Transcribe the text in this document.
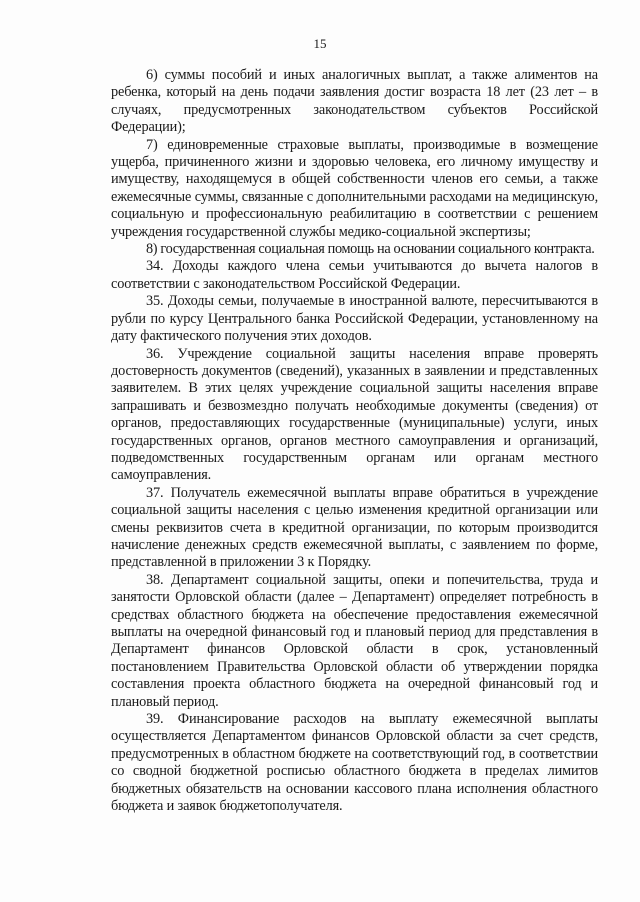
15

6) суммы пособий и иных аналогичных выплат, а также алиментов на ребенка, который на день подачи заявления достиг возраста 18 лет (23 лет – в случаях, предусмотренных законодательством субъектов Российской Федерации);

7) единовременные страховые выплаты, производимые в возмещение ущерба, причиненного жизни и здоровью человека, его личному имуществу и имуществу, находящемуся в общей собственности членов его семьи, а также ежемесячные суммы, связанные с дополнительными расходами на медицинскую, социальную и профессиональную реабилитацию в соответствии с решением учреждения государственной службы медико-социальной экспертизы;

8) государственная социальная помощь на основании социального контракта.

34. Доходы каждого члена семьи учитываются до вычета налогов в соответствии с законодательством Российской Федерации.

35. Доходы семьи, получаемые в иностранной валюте, пересчитываются в рубли по курсу Центрального банка Российской Федерации, установленному на дату фактического получения этих доходов.

36. Учреждение социальной защиты населения вправе проверять достоверность документов (сведений), указанных в заявлении и представленных заявителем. В этих целях учреждение социальной защиты населения вправе запрашивать и безвозмездно получать необходимые документы (сведения) от органов, предоставляющих государственные (муниципальные) услуги, иных государственных органов, органов местного самоуправления и организаций, подведомственных государственным органам или органам местного самоуправления.

37. Получатель ежемесячной выплаты вправе обратиться в учреждение социальной защиты населения с целью изменения кредитной организации или смены реквизитов счета в кредитной организации, по которым производится начисление денежных средств ежемесячной выплаты, с заявлением по форме, представленной в приложении 3 к Порядку.

38. Департамент социальной защиты, опеки и попечительства, труда и занятости Орловской области (далее – Департамент) определяет потребность в средствах областного бюджета на обеспечение предоставления ежемесячной выплаты на очередной финансовый год и плановый период для представления в Департамент финансов Орловской области в срок, установленный постановлением Правительства Орловской области об утверждении порядка составления проекта областного бюджета на очередной финансовый год и плановый период.

39. Финансирование расходов на выплату ежемесячной выплаты осуществляется Департаментом финансов Орловской области за счет средств, предусмотренных в областном бюджете на соответствующий год, в соответствии со сводной бюджетной росписью областного бюджета в пределах лимитов бюджетных обязательств на основании кассового плана исполнения областного бюджета и заявок бюджетополучателя.
